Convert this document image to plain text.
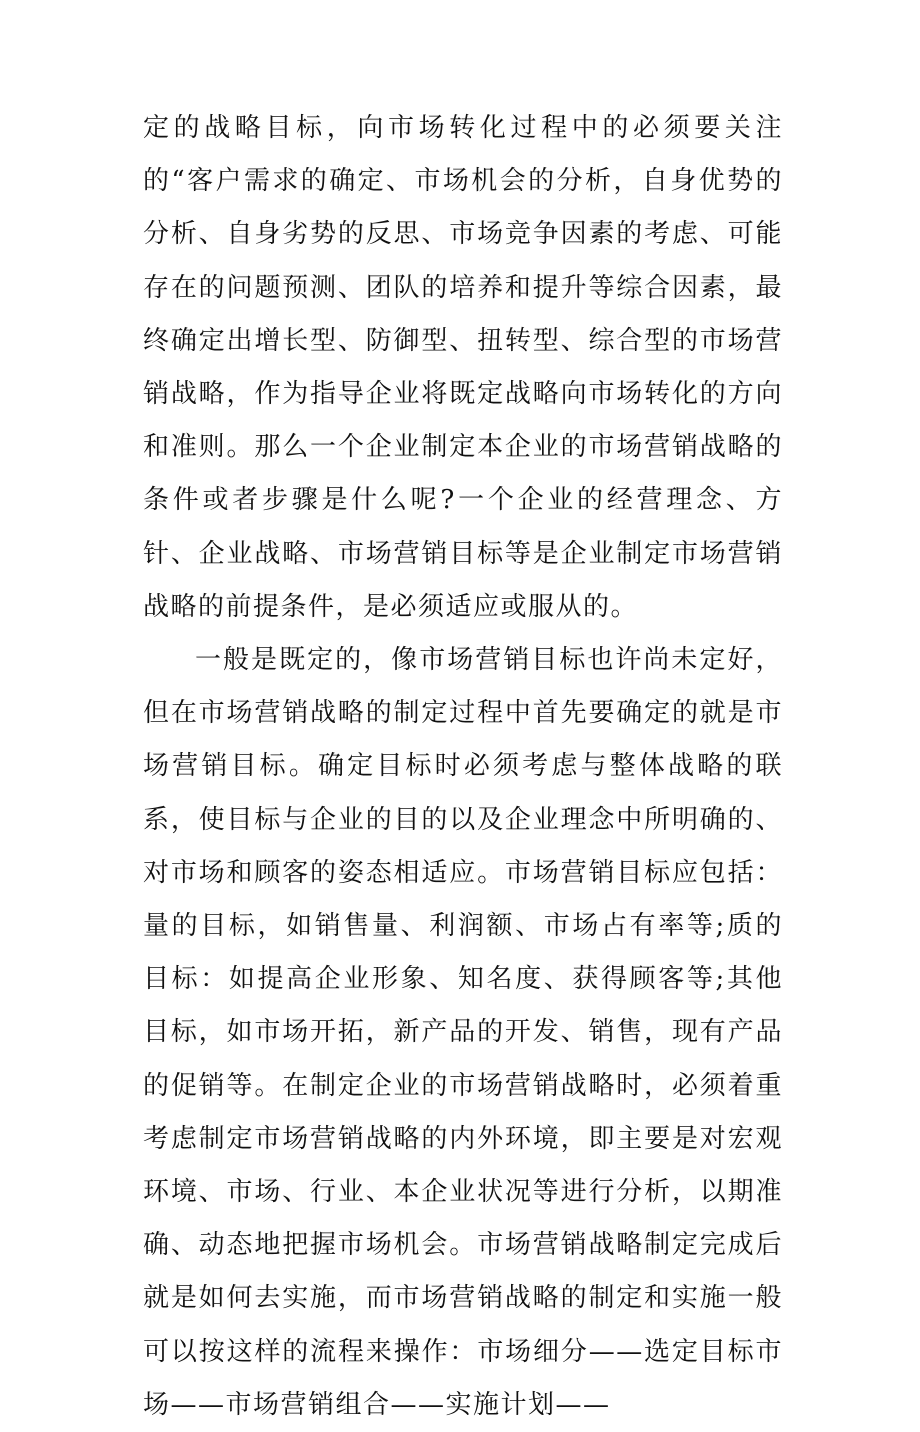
定的战略目标，向市场转化过程中的必须要关注的“客户需求的确定、市场机会的分析，自身优势的分析、自身劣势的反思、市场竞争因素的考虑、可能存在的问题预测、团队的培养和提升等综合因素，最终确定出增长型、防御型、扭转型、综合型的市场营销战略，作为指导企业将既定战略向市场转化的方向和准则。那么一个企业制定本企业的市场营销战略的条件或者步骤是什么呢?一个企业的经营理念、方针、企业战略、市场营销目标等是企业制定市场营销战略的前提条件，是必须适应或服从的。

一般是既定的，像市场营销目标也许尚未定好，但在市场营销战略的制定过程中首先要确定的就是市场营销目标。确定目标时必须考虑与整体战略的联系，使目标与企业的目的以及企业理念中所明确的、对市场和顾客的姿态相适应。市场营销目标应包括：量的目标，如销售量、利润额、市场占有率等;质的目标：如提高企业形象、知名度、获得顾客等;其他目标，如市场开拓，新产品的开发、销售，现有产品的促销等。在制定企业的市场营销战略时，必须着重考虑制定市场营销战略的内外环境，即主要是对宏观环境、市场、行业、本企业状况等进行分析，以期准确、动态地把握市场机会。市场营销战略制定完成后就是如何去实施，而市场营销战略的制定和实施一般可以按这样的流程来操作：市场细分——选定目标市场——市场营销组合——实施计划——
